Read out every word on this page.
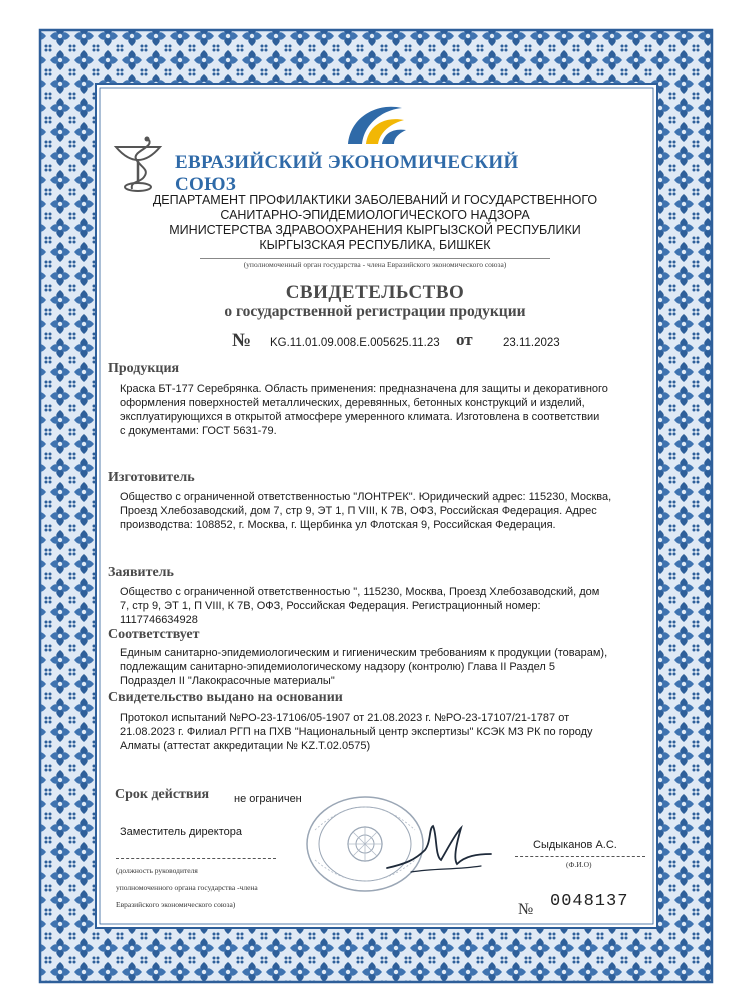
ЕВРАЗИЙСКИЙ ЭКОНОМИЧЕСКИЙ СОЮЗ

ДЕПАРТАМЕНТ ПРОФИЛАКТИКИ ЗАБОЛЕВАНИЙ И ГОСУДАРСТВЕННОГО
САНИТАРНО-ЭПИДЕМИОЛОГИЧЕСКОГО НАДЗОРА
МИНИСТЕРСТВА ЗДРАВООХРАНЕНИЯ КЫРГЫЗСКОЙ РЕСПУБЛИКИ
КЫРГЫЗСКАЯ РЕСПУБЛИКА, БИШКЕК

(уполномоченный орган государства - члена Евразийского экономического союза)

СВИДЕТЕЛЬСТВО

о государственной регистрации продукции

№ KG.11.01.09.008.E.005625.11.23 от	23.11.2023

Продукция

Краска БТ-177 Серебрянка. Область применения: предназначена для защиты и декоративного
оформления поверхностей металлических, деревянных, бетонных конструкций и изделий,
эксплуатирующихся в открытой атмосфере умеренного климата. Изготовлена в соответствии
с документами: ГОСТ 5631-79.

Изготовитель

Общество с ограниченной ответственностью "ЛОНТРЕК". Юридический адрес: 115230, Москва,
Проезд Хлебозаводский, дом 7, стр 9, ЭТ 1, П VIII, К 7В, ОФЗ, Российская Федерация. Адрес
производства: 108852, г. Москва, г. Щербинка ул Флотская 9, Российская Федерация.

Заявитель

Общество с ограниченной ответственностью ", 115230, Москва, Проезд Хлебозаводский, дом
7, стр 9, ЭТ 1, П VIII, К 7В, ОФЗ, Российская Федерация. Регистрационный номер:
1117746634928

Соответствует

Единым санитарно-эпидемиологическим и гигиеническим требованиям к продукции (товарам),
подлежащим санитарно-эпидемиологическому надзору (контролю) Глава II Раздел 5
Подраздел II "Лакокрасочные материалы"

Свидетельство выдано на основании

Протокол испытаний №РО-23-17106/05-1907 от 21.08.2023 г. №РО-23-17107/21-1787 от
21.08.2023 г. Филиал РГП на ПХВ "Национальный центр экспертизы" КСЭК МЗ РК по городу
Алматы (аттестат аккредитации № KZ.T.02.0575)

Срок действия не ограничен

Заместитель директора

Сыдыканов А.С.

(Ф.И.О)

(должность руководителя
уполномоченного органа государства -члена
Евразийского экономического союза)	№ 0048137
